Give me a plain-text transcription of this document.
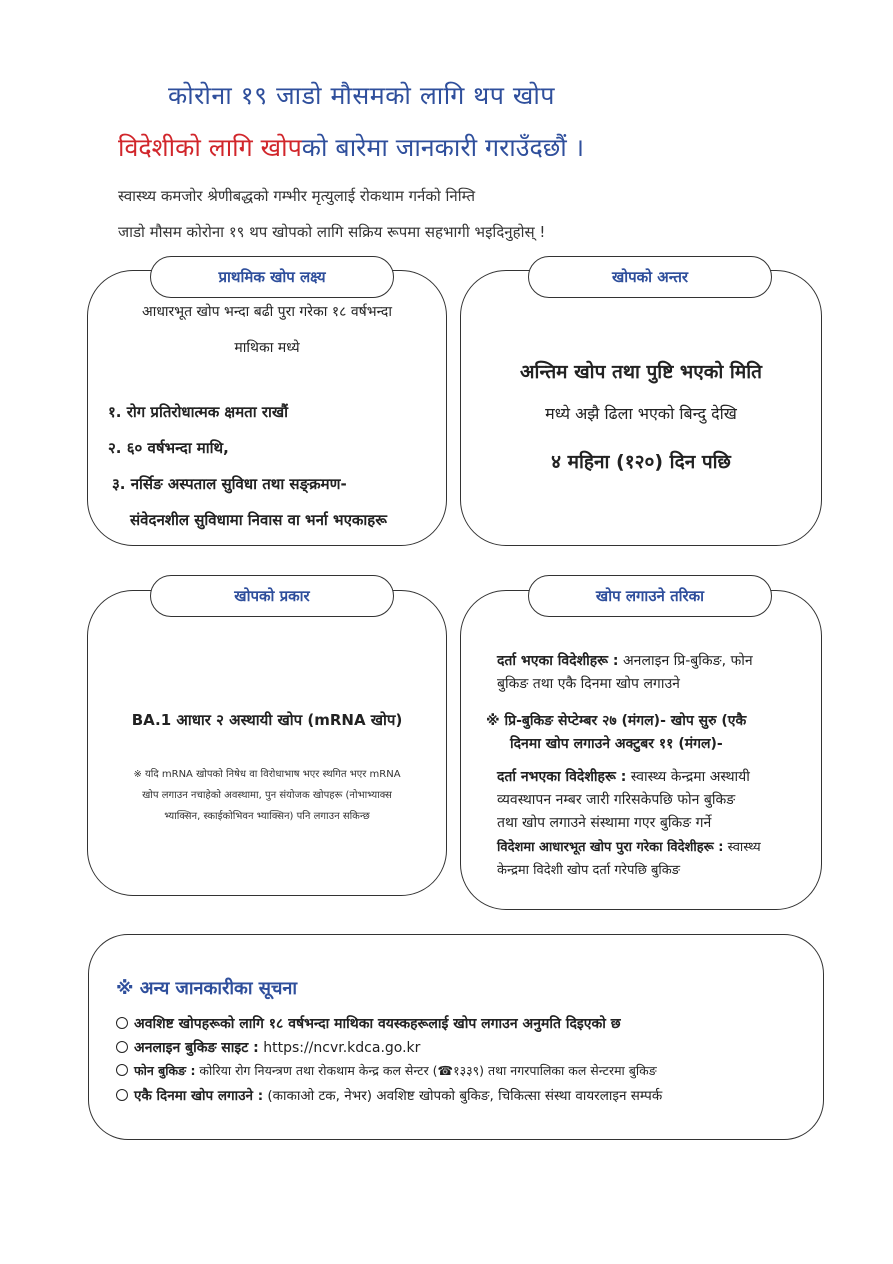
कोरोना १९ जाडो मौसमको लागि थप खोप
विदेशीको लागि खोपको बारेमा जानकारी गराउँदछौं ।
स्वास्थ्य कमजोर श्रेणीबद्धको गम्भीर मृत्युलाई रोकथाम गर्नको निम्ति
जाडो मौसम कोरोना १९ थप खोपको लागि सक्रिय रूपमा सहभागी भइदिनुहोस् !
प्राथमिक खोप लक्ष्य
आधारभूत खोप भन्दा बढी पुरा गरेका १८ वर्षभन्दा
माथिका मध्ये
१. रोग प्रतिरोधात्मक क्षमता राखौं
२. ६० वर्षभन्दा माथि,
३. नर्सिङ अस्पताल सुविधा तथा सङ्क्रमण-
संवेदनशील सुविधामा निवास वा भर्ना भएकाहरू
खोपको अन्तर
अन्तिम खोप तथा पुष्टि भएको मिति
मध्ये अझै ढिला भएको बिन्दु देखि
४ महिना (१२०) दिन पछि
खोपको प्रकार
BA.1 आधार २ अस्थायी खोप (mRNA खोप)
※ यदि mRNA खोपको निषेध वा विरोधाभाष भएर स्थगित भएर mRNA
खोप लगाउन नचाहेको अवस्थामा, पुन संयोजक खोपहरू (नोभाभ्याक्स
भ्याक्सिन, स्काईकोभिवन भ्याक्सिन) पनि लगाउन सकिन्छ
खोप लगाउने तरिका
दर्ता भएका विदेशीहरू : अनलाइन प्रि-बुकिङ, फोन
बुकिङ तथा एकै दिनमा खोप लगाउने
※ प्रि-बुकिङ सेप्टेम्बर २७ (मंगल)- खोप सुरु (एकै
दिनमा खोप लगाउने अक्टुबर ११ (मंगल)-
दर्ता नभएका विदेशीहरू : स्वास्थ्य केन्द्रमा अस्थायी
व्यवस्थापन नम्बर जारी गरिसकेपछि फोन बुकिङ
तथा खोप लगाउने संस्थामा गएर बुकिङ गर्ने
विदेशमा आधारभूत खोप पुरा गरेका विदेशीहरू : स्वास्थ्य
केन्द्रमा विदेशी खोप दर्ता गरेपछि बुकिङ
※ अन्य जानकारीका सूचना
अवशिष्ट खोपहरूको लागि १८ वर्षभन्दा माथिका वयस्कहरूलाई खोप लगाउन अनुमति दिइएको छ
अनलाइन बुकिङ साइट : https://ncvr.kdca.go.kr
फोन बुकिङ : कोरिया रोग नियन्त्रण तथा रोकथाम केन्द्र कल सेन्टर (☎१३३९) तथा नगरपालिका कल सेन्टरमा बुकिङ
एकै दिनमा खोप लगाउने : (काकाओ टक, नेभर) अवशिष्ट खोपको बुकिङ, चिकित्सा संस्था वायरलाइन सम्पर्क
